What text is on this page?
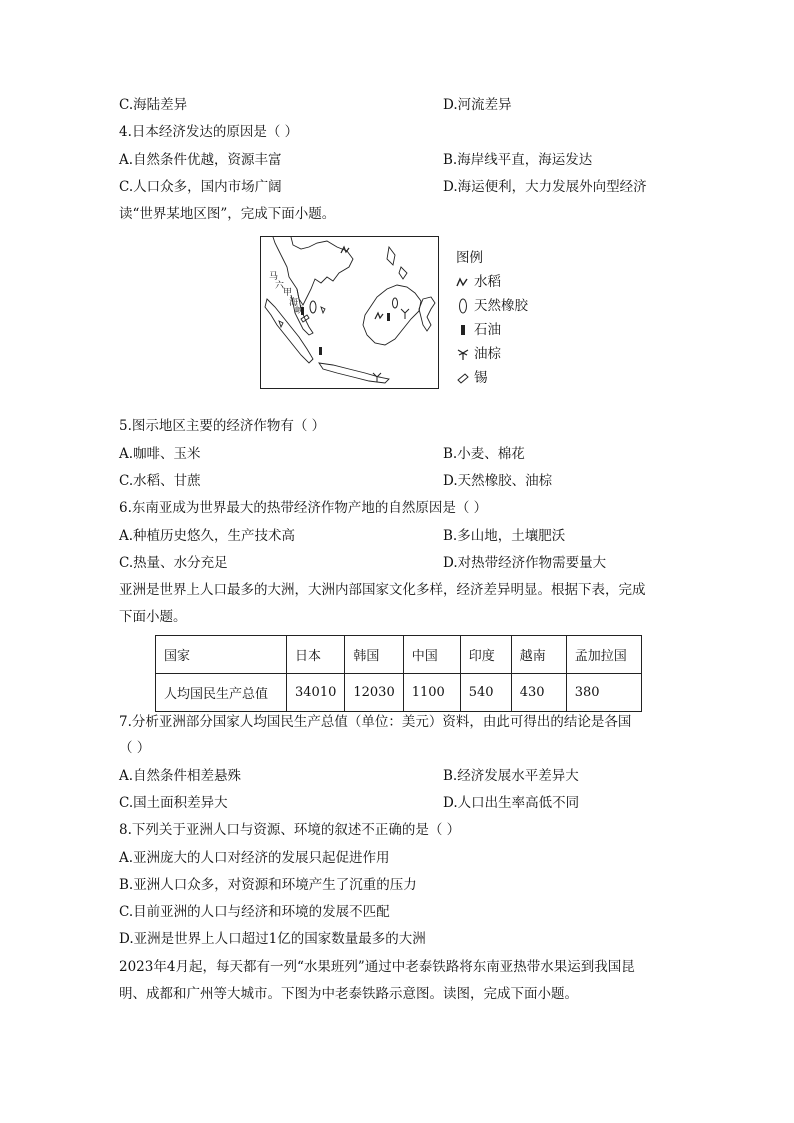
C.海陆差异	D.河流差异
4.日本经济发达的原因是（ ）
A.自然条件优越，资源丰富	B.海岸线平直，海运发达
C.人口众多，国内市场广阔	D.海运便利，大力发展外向型经济
读“世界某地区图”，完成下面小题。
马
六
甲
海
峡
图例
水稻
天然橡胶
石油
油棕
锡
5.图示地区主要的经济作物有（ ）
A.咖啡、玉米	B.小麦、棉花
C.水稻、甘蔗	D.天然橡胶、油棕
6.东南亚成为世界最大的热带经济作物产地的自然原因是（ ）
A.种植历史悠久，生产技术高	B.多山地，土壤肥沃
C.热量、水分充足	D.对热带经济作物需要量大
亚洲是世界上人口最多的大洲，大洲内部国家文化多样，经济差异明显。根据下表，完成
下面小题。
国家	日本	韩国	中国	印度	越南	孟加拉国
人均国民生产总值	34010	12030	1100	540	430	380
7.分析亚洲部分国家人均国民生产总值（单位：美元）资料，由此可得出的结论是各国
（ ）
A.自然条件相差悬殊	B.经济发展水平差异大
C.国土面积差异大	D.人口出生率高低不同
8.下列关于亚洲人口与资源、环境的叙述不正确的是（ ）
A.亚洲庞大的人口对经济的发展只起促进作用
B.亚洲人口众多，对资源和环境产生了沉重的压力
C.目前亚洲的人口与经济和环境的发展不匹配
D.亚洲是世界上人口超过1亿的国家数量最多的大洲
2023年4月起，每天都有一列“水果班列”通过中老泰铁路将东南亚热带水果运到我国昆
明、成都和广州等大城市。下图为中老泰铁路示意图。读图，完成下面小题。
